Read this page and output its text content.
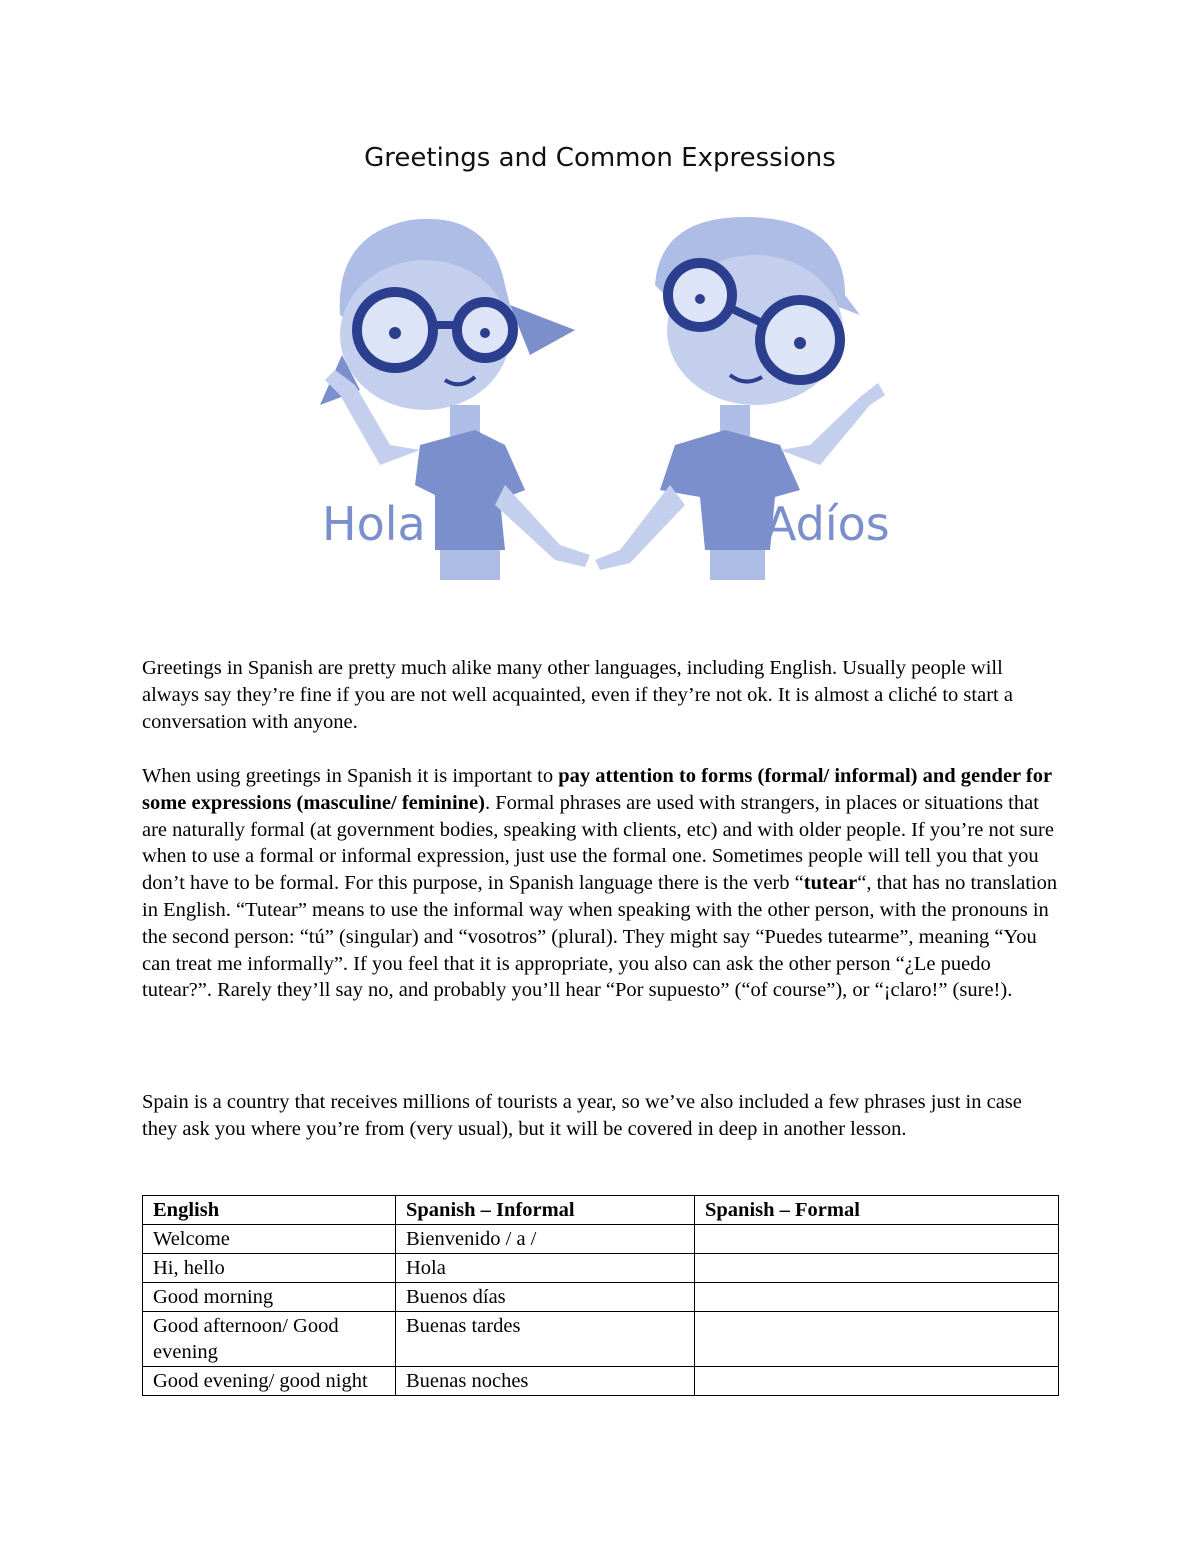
Greetings and Common Expressions
Hola	Adíos

Greetings in Spanish are pretty much alike many other languages, including English. Usually people will always say they’re fine if you are not well acquainted, even if they’re not ok. It is almost a cliché to start a conversation with anyone.

When using greetings in Spanish it is important to pay attention to forms (formal/ informal) and gender for some expressions (masculine/ feminine). Formal phrases are used with strangers, in places or situations that are naturally formal (at government bodies, speaking with clients, etc) and with older people. If you’re not sure when to use a formal or informal expression, just use the formal one. Sometimes people will tell you that you don’t have to be formal. For this purpose, in Spanish language there is the verb “tutear“, that has no translation in English. “Tutear” means to use the informal way when speaking with the other person, with the pronouns in the second person: “tú” (singular) and “vosotros” (plural). They might say “Puedes tutearme”, meaning “You can treat me informally”. If you feel that it is appropriate, you also can ask the other person “¿Le puedo tutear?”. Rarely they’ll say no, and probably you’ll hear “Por supuesto” (“of course”), or “¡claro!” (sure!).

Spain is a country that receives millions of tourists a year, so we’ve also included a few phrases just in case they ask you where you’re from (very usual), but it will be covered in deep in another lesson.

English	Spanish – Informal	Spanish – Formal
Welcome	Bienvenido / a /	
Hi, hello	Hola	
Good morning	Buenos días	
Good afternoon/ Good evening	Buenas tardes	
Good evening/ good night	Buenas noches	
